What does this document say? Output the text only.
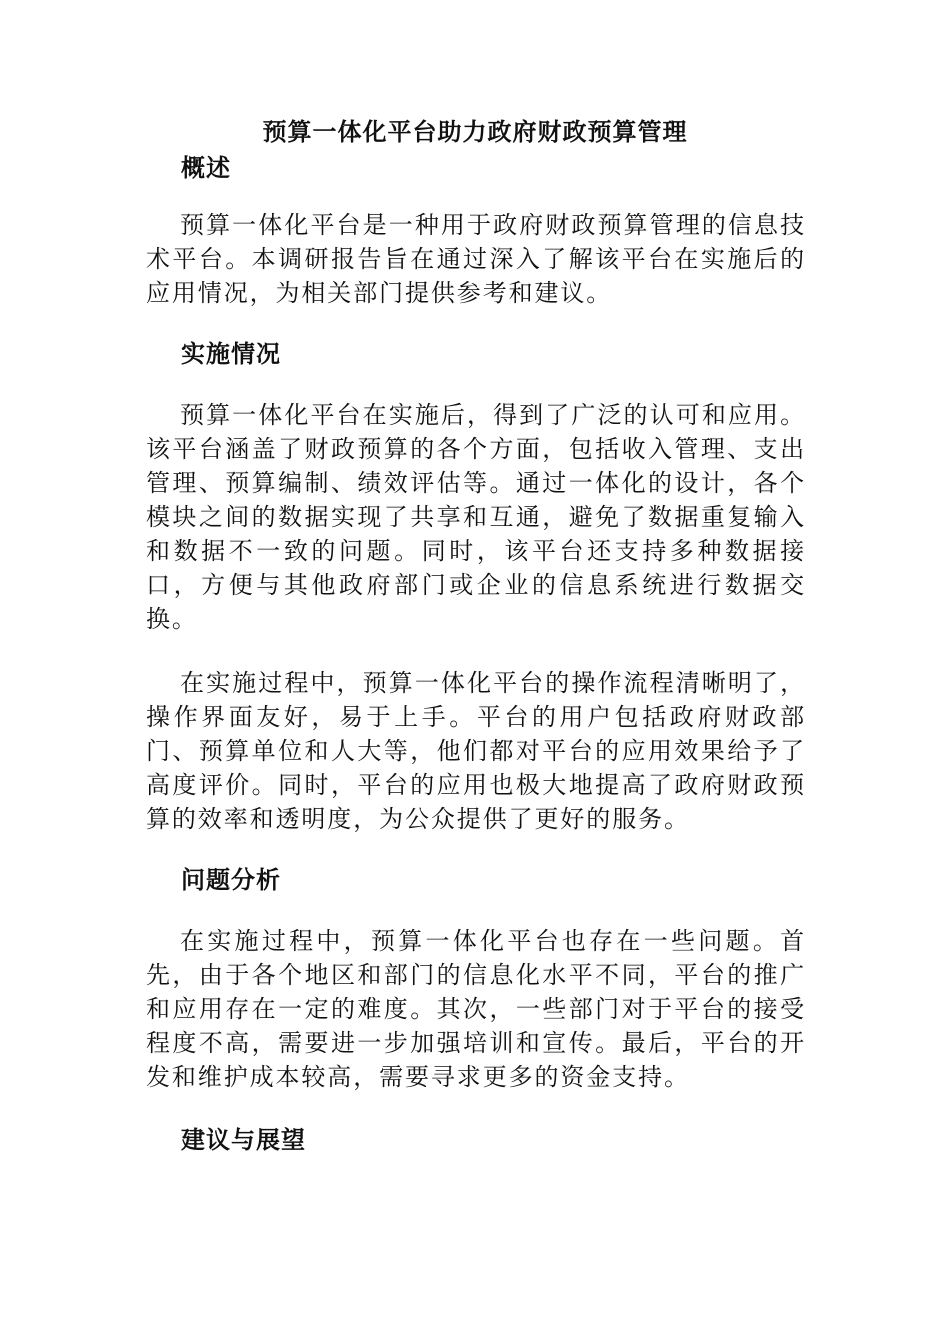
预算一体化平台助力政府财政预算管理
概述

预算一体化平台是一种用于政府财政预算管理的信息技术平台。本调研报告旨在通过深入了解该平台在实施后的应用情况，为相关部门提供参考和建议。

实施情况

预算一体化平台在实施后，得到了广泛的认可和应用。该平台涵盖了财政预算的各个方面，包括收入管理、支出管理、预算编制、绩效评估等。通过一体化的设计，各个模块之间的数据实现了共享和互通，避免了数据重复输入和数据不一致的问题。同时，该平台还支持多种数据接口，方便与其他政府部门或企业的信息系统进行数据交换。

在实施过程中，预算一体化平台的操作流程清晰明了，操作界面友好，易于上手。平台的用户包括政府财政部门、预算单位和人大等，他们都对平台的应用效果给予了高度评价。同时，平台的应用也极大地提高了政府财政预算的效率和透明度，为公众提供了更好的服务。

问题分析

在实施过程中，预算一体化平台也存在一些问题。首先，由于各个地区和部门的信息化水平不同，平台的推广和应用存在一定的难度。其次，一些部门对于平台的接受程度不高，需要进一步加强培训和宣传。最后，平台的开发和维护成本较高，需要寻求更多的资金支持。

建议与展望
